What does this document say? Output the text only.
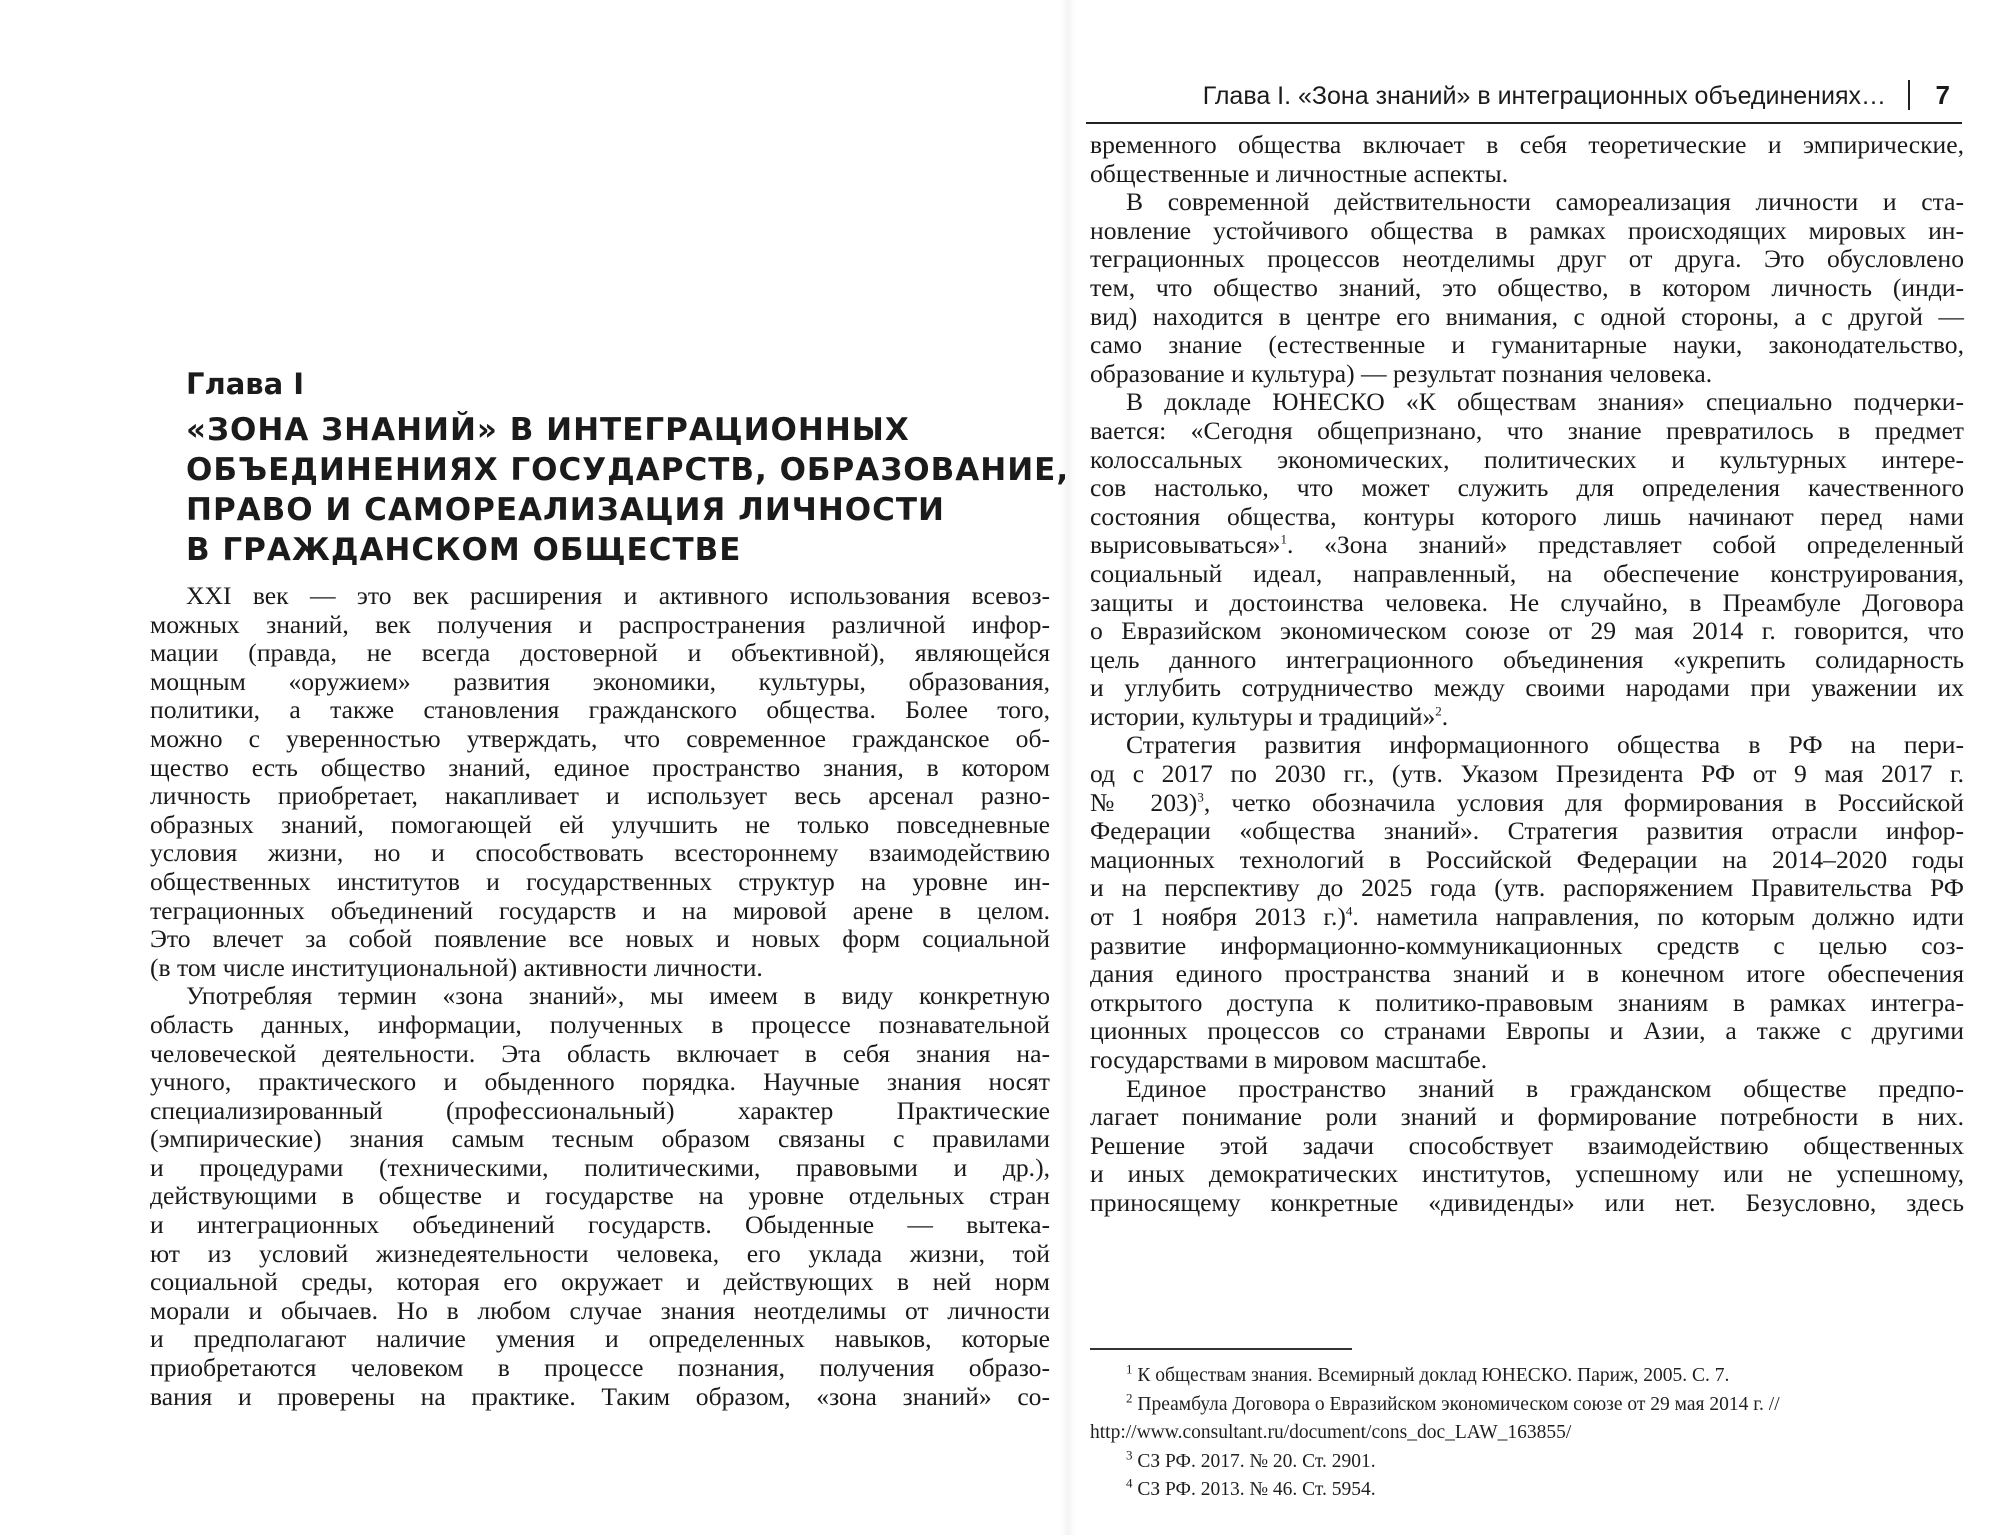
Глава I
«ЗОНА ЗНАНИЙ» В ИНТЕГРАЦИОННЫХ
ОБЪЕДИНЕНИЯХ ГОСУДАРСТВ, ОБРАЗОВАНИЕ,
ПРАВО И САМОРЕАЛИЗАЦИЯ ЛИЧНОСТИ
В ГРАЖДАНСКОМ ОБЩЕСТВЕ
XXI век — это век расширения и активного использования всевоз-
можных знаний, век получения и распространения различной инфор-
мации (правда, не всегда достоверной и объективной), являющейся
мощным «оружием» развития экономики, культуры, образования,
политики, а также становления гражданского общества. Более того,
можно с уверенностью утверждать, что современное гражданское об-
щество есть общество знаний, единое пространство знания, в котором
личность приобретает, накапливает и использует весь арсенал разно-
образных знаний, помогающей ей улучшить не только повседневные
условия жизни, но и способствовать всестороннему взаимодействию
общественных институтов и государственных структур на уровне ин-
теграционных объединений государств и на мировой арене в целом.
Это влечет за собой появление все новых и новых форм социальной
(в том числе институциональной) активности личности.
Употребляя термин «зона знаний», мы имеем в виду конкретную
область данных, информации, полученных в процессе познавательной
человеческой деятельности. Эта область включает в себя знания на-
учного, практического и обыденного порядка. Научные знания носят
специализированный (профессиональный) характер Практические
(эмпирические) знания самым тесным образом связаны с правилами
и процедурами (техническими, политическими, правовыми и др.),
действующими в обществе и государстве на уровне отдельных стран
и интеграционных объединений государств. Обыденные — вытека-
ют из условий жизнедеятельности человека, его уклада жизни, той
социальной среды, которая его окружает и действующих в ней норм
морали и обычаев. Но в любом случае знания неотделимы от личности
и предполагают наличие умения и определенных навыков, которые
приобретаются человеком в процессе познания, получения образо-
вания и проверены на практике. Таким образом, «зона знаний» со-
Глава I. «Зона знаний» в интеграционных объединениях… 7
временного общества включает в себя теоретические и эмпирические,
общественные и личностные аспекты.
В современной действительности самореализация личности и ста-
новление устойчивого общества в рамках происходящих мировых ин-
теграционных процессов неотделимы друг от друга. Это обусловлено
тем, что общество знаний, это общество, в котором личность (инди-
вид) находится в центре его внимания, с одной стороны, а с другой —
само знание (естественные и гуманитарные науки, законодательство,
образование и культура) — результат познания человека.
В докладе ЮНЕСКО «К обществам знания» специально подчерки-
вается: «Сегодня общепризнано, что знание превратилось в предмет
колоссальных экономических, политических и культурных интере-
сов настолько, что может служить для определения качественного
состояния общества, контуры которого лишь начинают перед нами
вырисовываться»$^1$. «Зона знаний» представляет собой определенный
социальный идеал, направленный, на обеспечение конструирования,
защиты и достоинства человека. Не случайно, в Преамбуле Договора
о Евразийском экономическом союзе от 29 мая 2014 г. говорится, что
цель данного интеграционного объединения «укрепить солидарность
и углубить сотрудничество между своими народами при уважении их
истории, культуры и традиций»$^2$.
Стратегия развития информационного общества в РФ на пери-
од с 2017 по 2030 гг., (утв. Указом Президента РФ от 9 мая 2017 г.
№ 203)$^3$, четко обозначила условия для формирования в Российской
Федерации «общества знаний». Стратегия развития отрасли инфор-
мационных технологий в Российской Федерации на 2014–2020 годы
и на перспективу до 2025 года (утв. распоряжением Правительства РФ
от 1 ноября 2013 г.)$^4$. наметила направления, по которым должно идти
развитие информационно-коммуникационных средств с целью соз-
дания единого пространства знаний и в конечном итоге обеспечения
открытого доступа к политико-правовым знаниям в рамках интегра-
ционных процессов со странами Европы и Азии, а также с другими
государствами в мировом масштабе.
Единое пространство знаний в гражданском обществе предпо-
лагает понимание роли знаний и формирование потребности в них.
Решение этой задачи способствует взаимодействию общественных
и иных демократических институтов, успешному или не успешному,
приносящему конкретные «дивиденды» или нет. Безусловно, здесь
$^1$ К обществам знания. Всемирный доклад ЮНЕСКО. Париж, 2005. С. 7.
$^2$ Преамбула Договора о Евразийском экономическом союзе от 29 мая 2014 г. //
http://www.consultant.ru/document/cons_doc_LAW_163855/
$^3$ СЗ РФ. 2017. № 20. Ст. 2901.
$^4$ СЗ РФ. 2013. № 46. Ст. 5954.
